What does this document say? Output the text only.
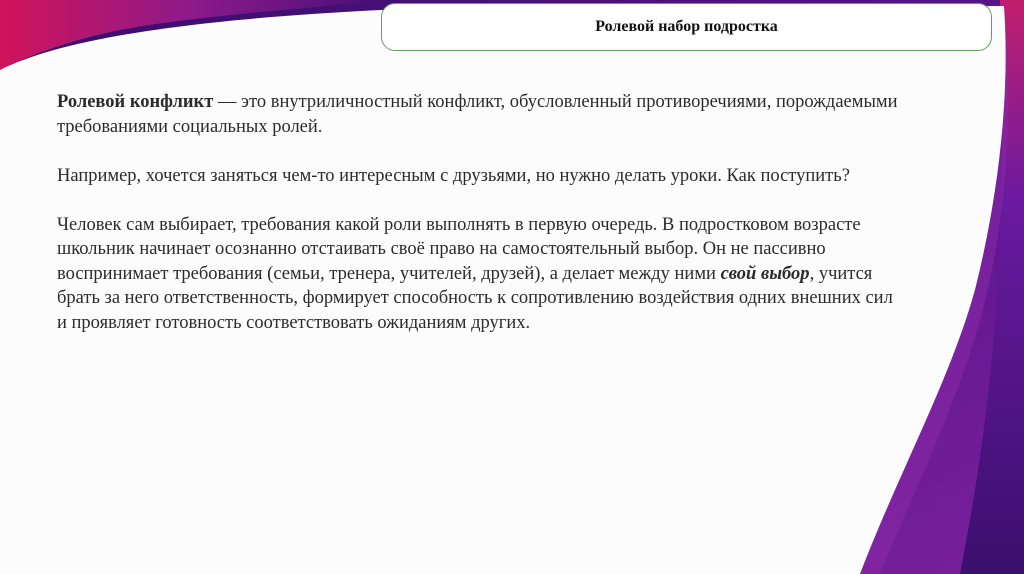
Ролевой набор подростка

Ролевой конфликт — это внутриличностный конфликт, обусловленный противоречиями, порождаемыми требованиями социальных ролей.

Например, хочется заняться чем-то интересным с друзьями, но нужно делать уроки. Как поступить?

Человек сам выбирает, требования какой роли выполнять в первую очередь. В подростковом возрасте школьник начинает осознанно отстаивать своё право на самостоятельный выбор. Он не пассивно воспринимает требования (семьи, тренера, учителей, друзей), а делает между ними свой выбор, учится брать за него ответственность, формирует способность к сопротивлению воздействия одних внешних сил и проявляет готовность соответствовать ожиданиям других.
